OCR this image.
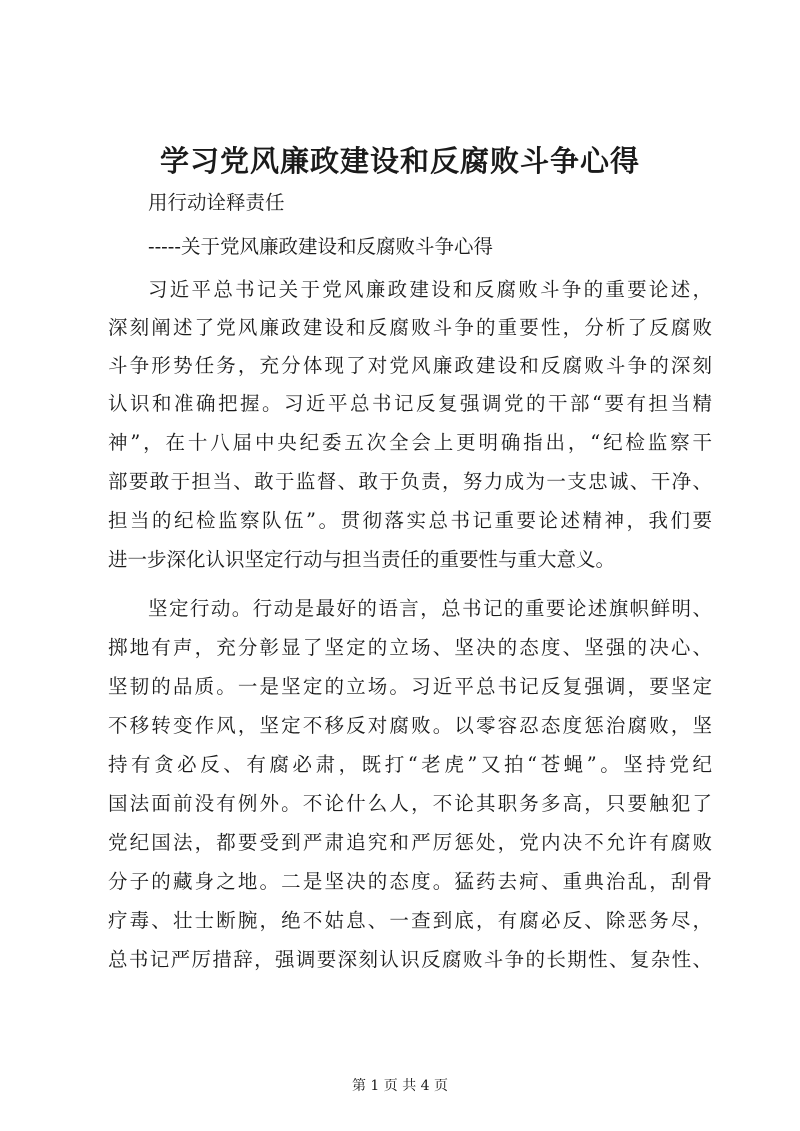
学习党风廉政建设和反腐败斗争心得
用行动诠释责任
-----关于党风廉政建设和反腐败斗争心得
习近平总书记关于党风廉政建设和反腐败斗争的重要论述，
深刻阐述了党风廉政建设和反腐败斗争的重要性，分析了反腐败
斗争形势任务，充分体现了对党风廉政建设和反腐败斗争的深刻
认识和准确把握。习近平总书记反复强调党的干部“要有担当精
神”，在十八届中央纪委五次全会上更明确指出，“纪检监察干
部要敢于担当、敢于监督、敢于负责，努力成为一支忠诚、干净、
担当的纪检监察队伍”。贯彻落实总书记重要论述精神，我们要
进一步深化认识坚定行动与担当责任的重要性与重大意义。
坚定行动。行动是最好的语言，总书记的重要论述旗帜鲜明、
掷地有声，充分彰显了坚定的立场、坚决的态度、坚强的决心、
坚韧的品质。一是坚定的立场。习近平总书记反复强调，要坚定
不移转变作风，坚定不移反对腐败。以零容忍态度惩治腐败，坚
持有贪必反、有腐必肃，既打“老虎”又拍“苍蝇”。坚持党纪
国法面前没有例外。不论什么人，不论其职务多高，只要触犯了
党纪国法，都要受到严肃追究和严厉惩处，党内决不允许有腐败
分子的藏身之地。二是坚决的态度。猛药去疴、重典治乱，刮骨
疗毒、壮士断腕，绝不姑息、一查到底，有腐必反、除恶务尽，
总书记严厉措辞，强调要深刻认识反腐败斗争的长期性、复杂性、
第 1 页 共 4 页
